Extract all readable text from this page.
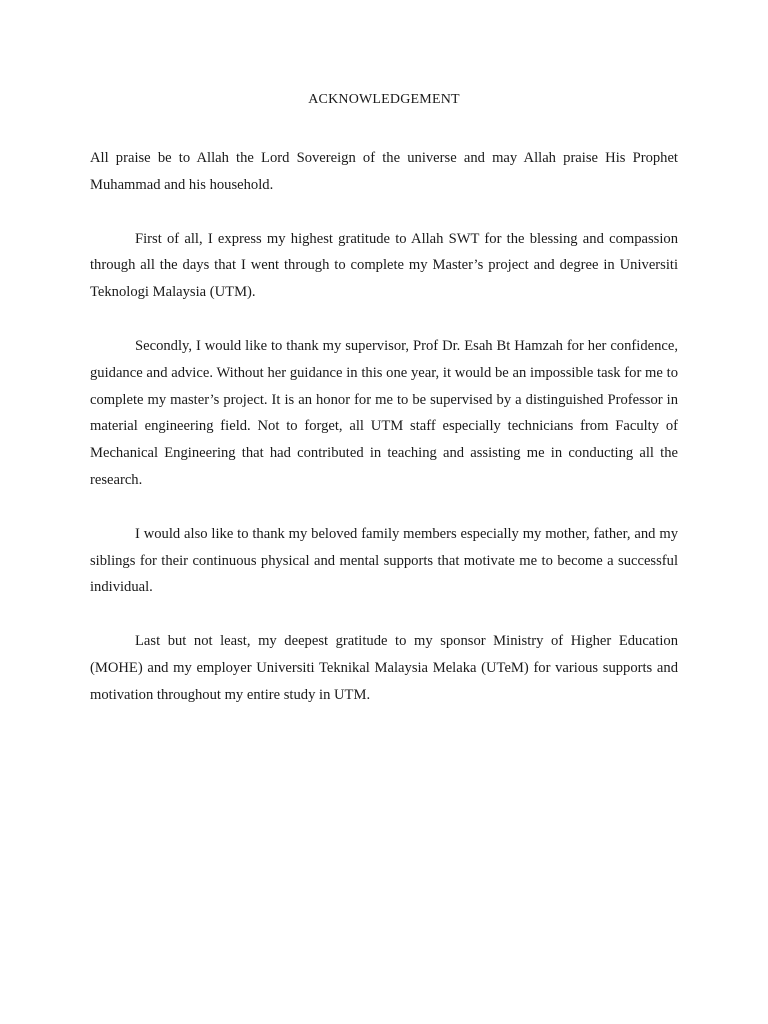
ACKNOWLEDGEMENT

All praise be to Allah the Lord Sovereign of the universe and may Allah praise His Prophet Muhammad and his household.

First of all, I express my highest gratitude to Allah SWT for the blessing and compassion through all the days that I went through to complete my Master’s project and degree in Universiti Teknologi Malaysia (UTM).

Secondly, I would like to thank my supervisor, Prof Dr. Esah Bt Hamzah for her confidence, guidance and advice. Without her guidance in this one year, it would be an impossible task for me to complete my master’s project. It is an honor for me to be supervised by a distinguished Professor in material engineering field. Not to forget, all UTM staff especially technicians from Faculty of Mechanical Engineering that had contributed in teaching and assisting me in conducting all the research.

I would also like to thank my beloved family members especially my mother, father, and my siblings for their continuous physical and mental supports that motivate me to become a successful individual.

Last but not least, my deepest gratitude to my sponsor Ministry of Higher Education (MOHE) and my employer Universiti Teknikal Malaysia Melaka (UTeM) for various supports and motivation throughout my entire study in UTM.
